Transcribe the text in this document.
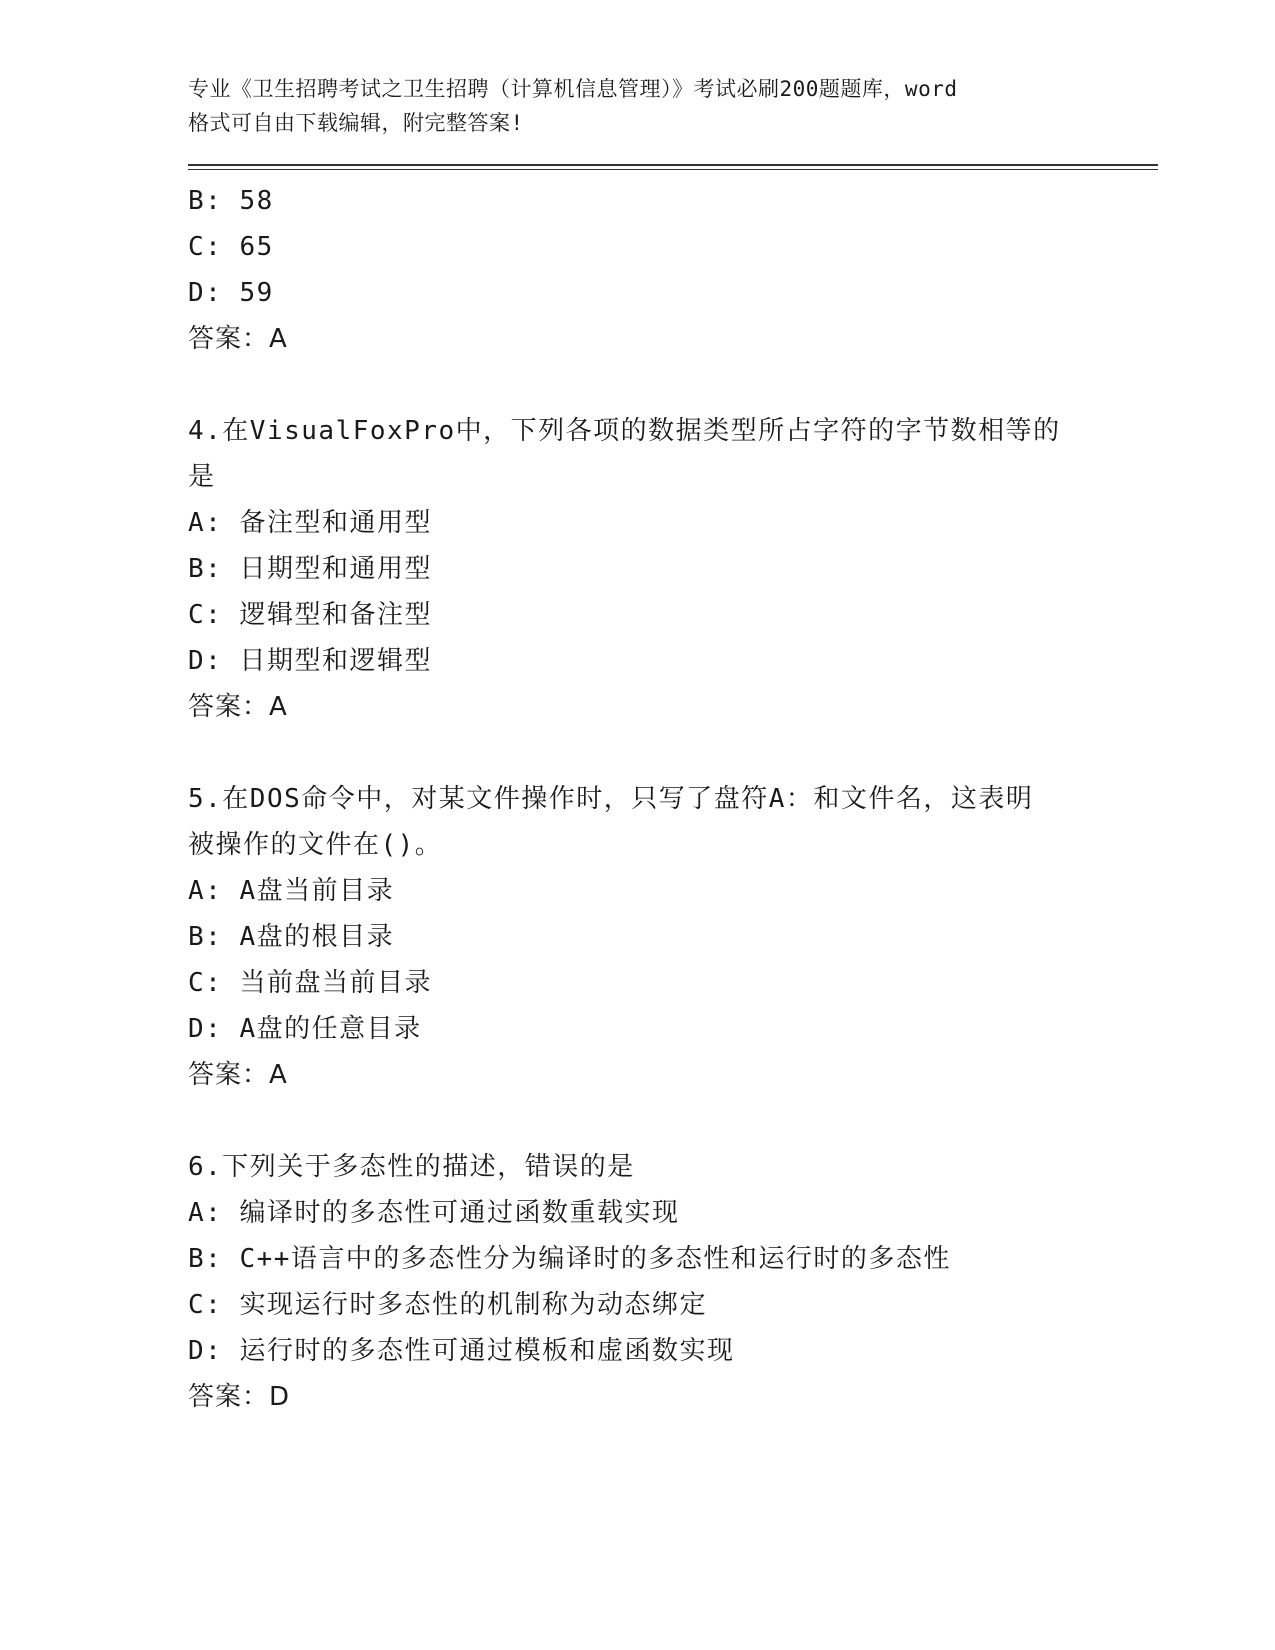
专业《卫生招聘考试之卫生招聘（计算机信息管理）》考试必刷200题题库，word
格式可自由下载编辑，附完整答案!
B: 58
C: 65
D: 59
答案：A
4.在VisualFoxPro中，下列各项的数据类型所占字符的字节数相等的
是
A: 备注型和通用型
B: 日期型和通用型
C: 逻辑型和备注型
D: 日期型和逻辑型
答案：A
5.在DOS命令中，对某文件操作时，只写了盘符A：和文件名，这表明
被操作的文件在()。
A: A盘当前目录
B: A盘的根目录
C: 当前盘当前目录
D: A盘的任意目录
答案：A
6.下列关于多态性的描述，错误的是
A: 编译时的多态性可通过函数重载实现
B: C++语言中的多态性分为编译时的多态性和运行时的多态性
C: 实现运行时多态性的机制称为动态绑定
D: 运行时的多态性可通过模板和虚函数实现
答案：D
